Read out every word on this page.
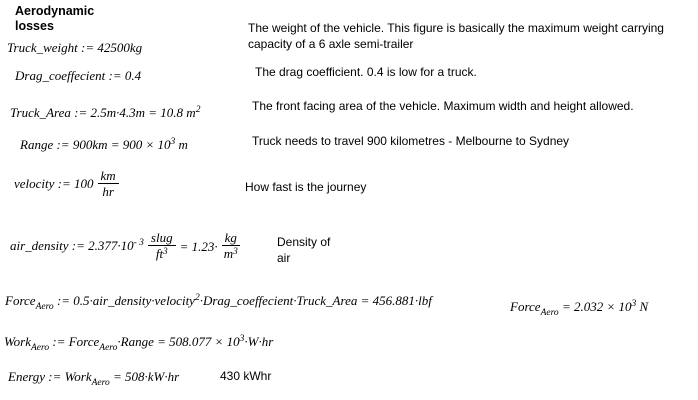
Aerodynamic losses
Truck_weight := 42500kg
The weight of the vehicle. This figure is basically the maximum weight carrying capacity of a 6 axle semi-trailer
Drag_coeffecient := 0.4	The drag coefficient. 0.4 is low for a truck.
Truck_Area := 2.5m·4.3m = 10.8 $m^2$	The front facing area of the vehicle. Maximum width and height allowed.
Range := $900km = 900 \times 10^3$ m	Truck needs to travel 900 kilometres - Melbourne to Sydney
velocity := $100 \frac{km}{hr}$	How fast is the journey
air_density := $2.377\cdot 10^{- 3} \frac{\text{slug}}{ft^3} = 1.23\cdot \frac{kg}{m^3}$	Density of air
Force$_{Aero}$ := 0.5·air_density·velocity$^2$·Drag_coeffecient·Truck_Area = 456.881·lbf	Force$_{Aero}$ = $2.032 \times 10^3$ N
Work$_{Aero}$ := Force$_{Aero}$·Range = $508.077 \times 10^3\cdot W\cdot hr$
Energy := Work$_{Aero}$ = 508·kW·hr	430 kWhr
